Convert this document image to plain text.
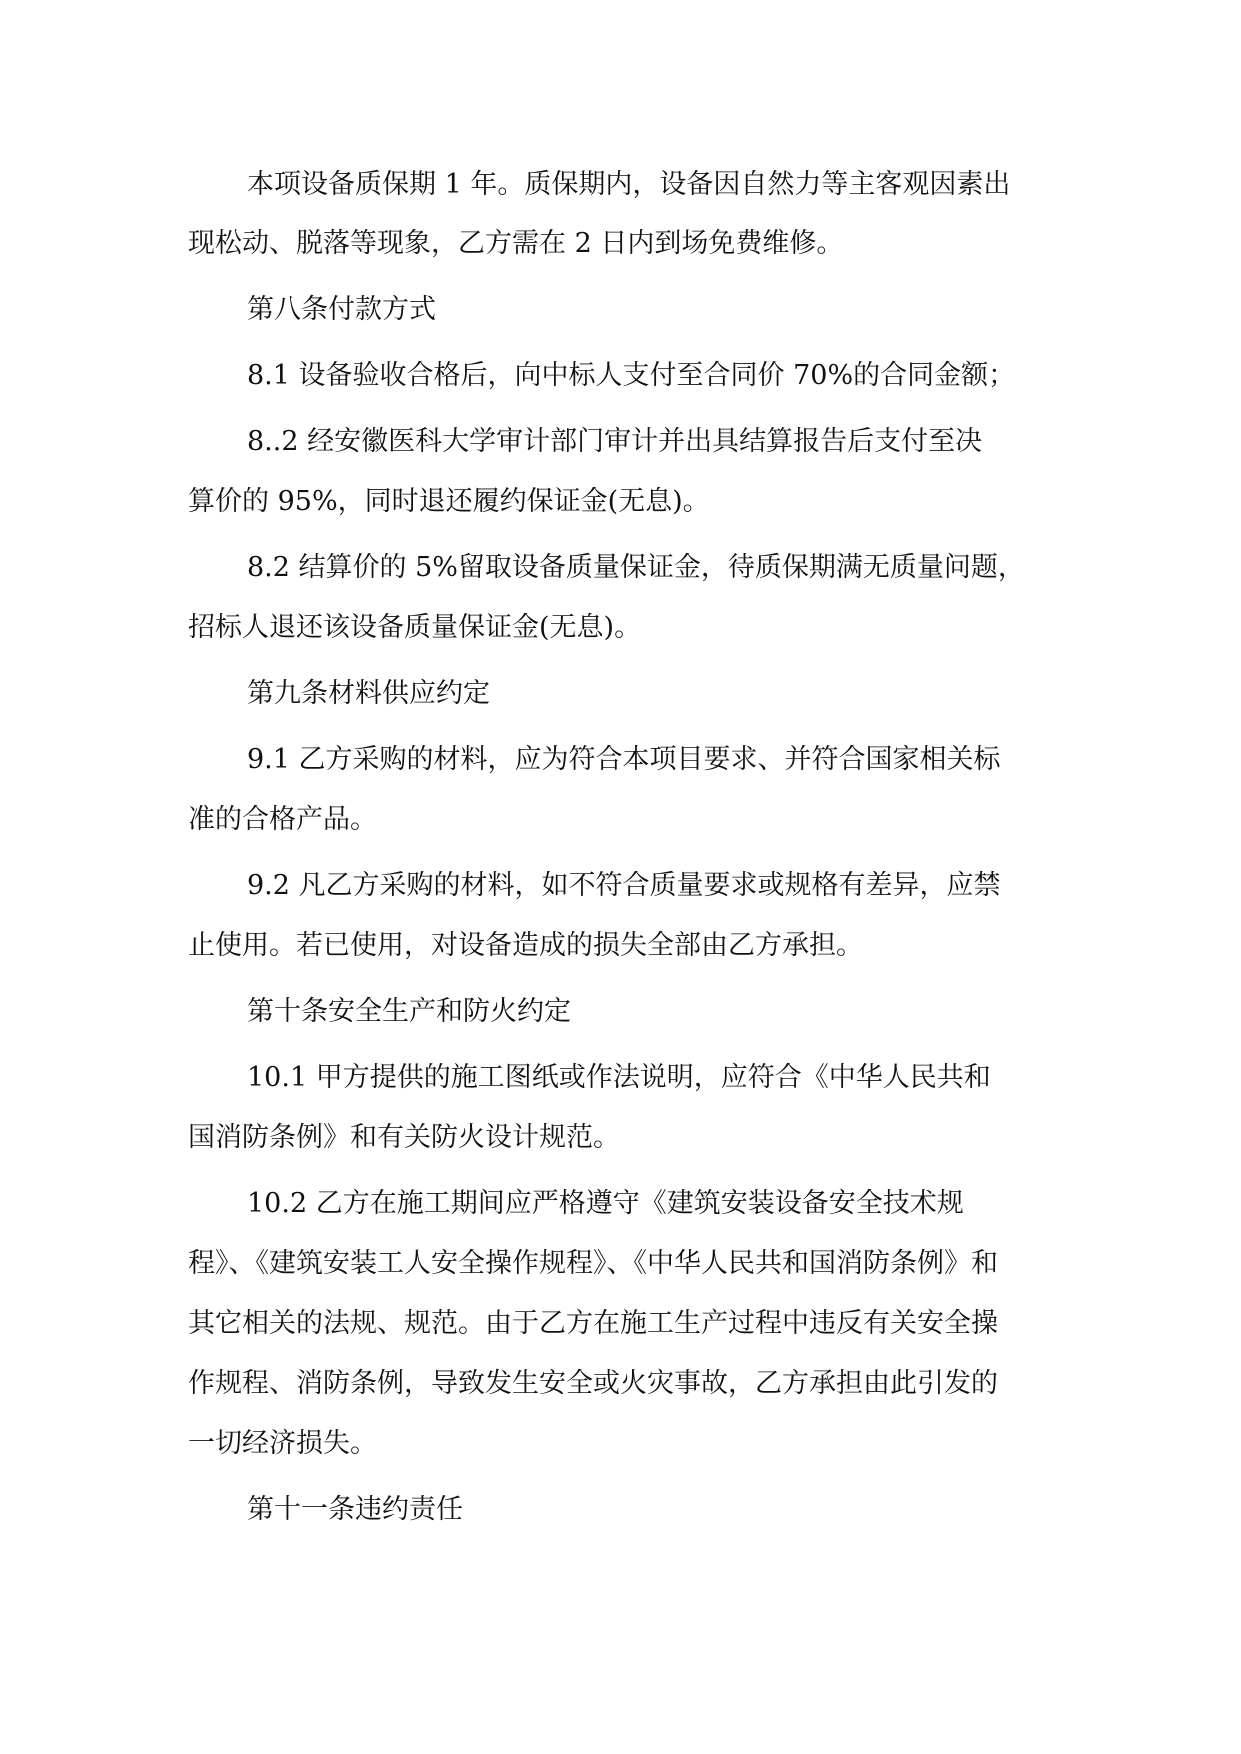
本项设备质保期 1 年。质保期内，设备因自然力等主客观因素出

现松动、脱落等现象，乙方需在 2 日内到场免费维修。

第八条付款方式

8.1 设备验收合格后，向中标人支付至合同价 70%的合同金额；

8..2 经安徽医科大学审计部门审计并出具结算报告后支付至决

算价的 95%，同时退还履约保证金(无息)。

8.2 结算价的 5%留取设备质量保证金，待质保期满无质量问题，

招标人退还该设备质量保证金(无息)。

第九条材料供应约定

9.1 乙方采购的材料，应为符合本项目要求、并符合国家相关标

准的合格产品。

9.2 凡乙方采购的材料，如不符合质量要求或规格有差异，应禁

止使用。若已使用，对设备造成的损失全部由乙方承担。

第十条安全生产和防火约定

10.1 甲方提供的施工图纸或作法说明，应符合《中华人民共和

国消防条例》和有关防火设计规范。

10.2 乙方在施工期间应严格遵守《建筑安装设备安全技术规

程》、《建筑安装工人安全操作规程》、《中华人民共和国消防条例》和

其它相关的法规、规范。由于乙方在施工生产过程中违反有关安全操

作规程、消防条例，导致发生安全或火灾事故，乙方承担由此引发的

一切经济损失。

第十一条违约责任
